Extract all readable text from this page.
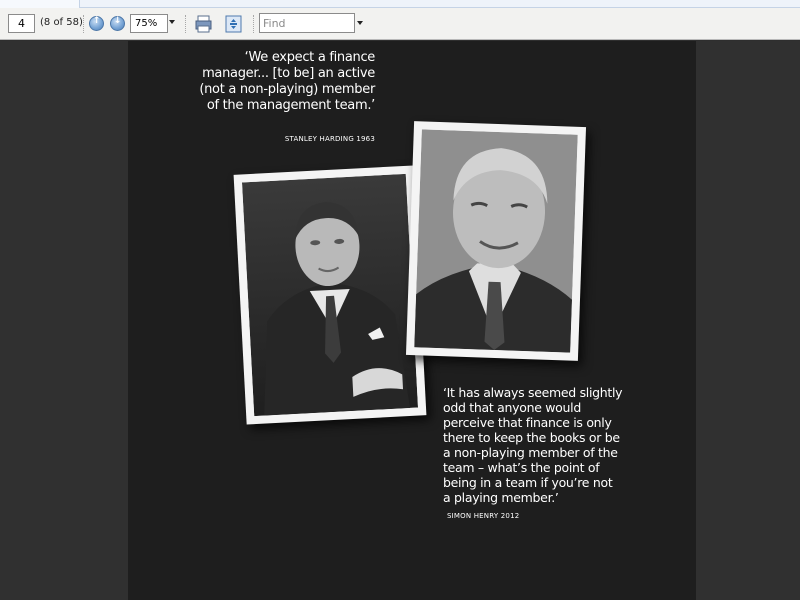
4	(8 of 58)	↑	↓	75%	Find
‘We expect a finance manager... [to be] an active (not a non-playing) member of the management team.’
STANLEY HARDING 1963
‘It has always seemed slightly odd that anyone would perceive that finance is only there to keep the books or be a non-playing member of the team – what’s the point of being in a team if you’re not a playing member.’
SIMON HENRY 2012
